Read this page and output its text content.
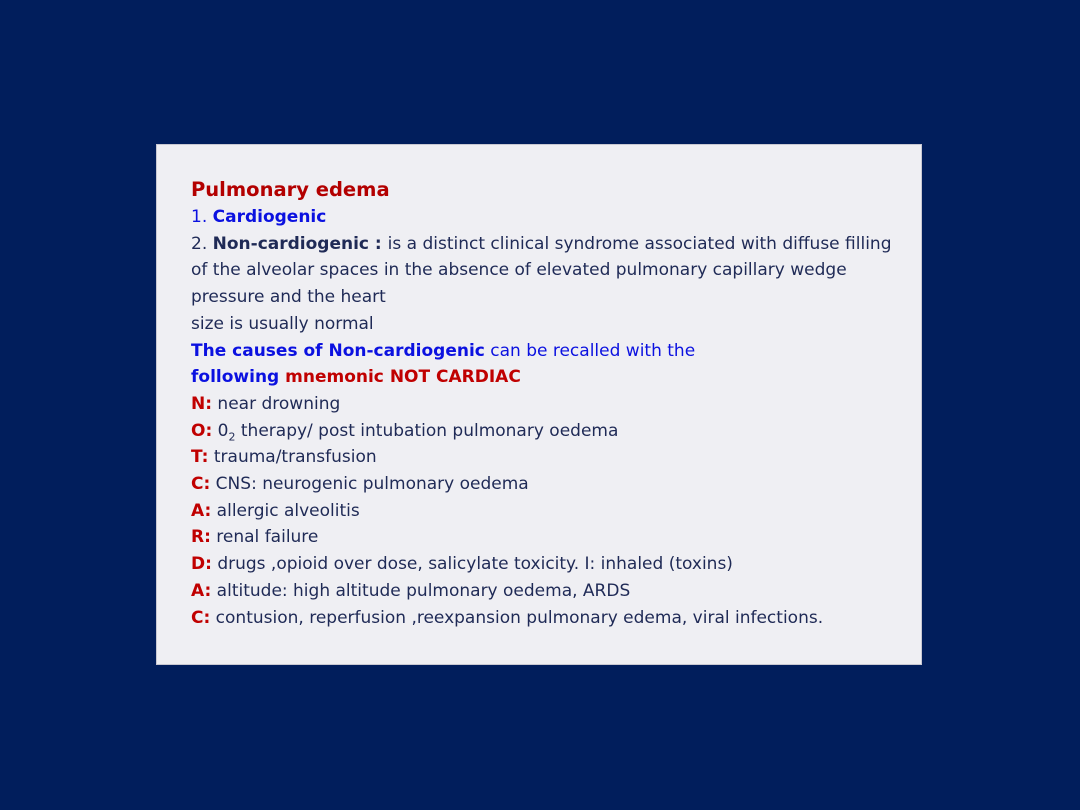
Pulmonary edema
1. Cardiogenic
2. Non-cardiogenic : is a distinct clinical syndrome associated with diffuse filling
of the alveolar spaces in the absence of elevated pulmonary capillary wedge
pressure and the heart
size is usually normal
The causes of Non-cardiogenic can be recalled with the
following mnemonic NOT CARDIAC
N: near drowning
O: $0_2$ therapy/ post intubation pulmonary oedema
T: trauma/transfusion
C: CNS: neurogenic pulmonary oedema
A: allergic alveolitis
R: renal failure
D: drugs ,opioid over dose, salicylate toxicity. I: inhaled (toxins)
A: altitude: high altitude pulmonary oedema, ARDS
C: contusion, reperfusion ,reexpansion pulmonary edema, viral infections.
